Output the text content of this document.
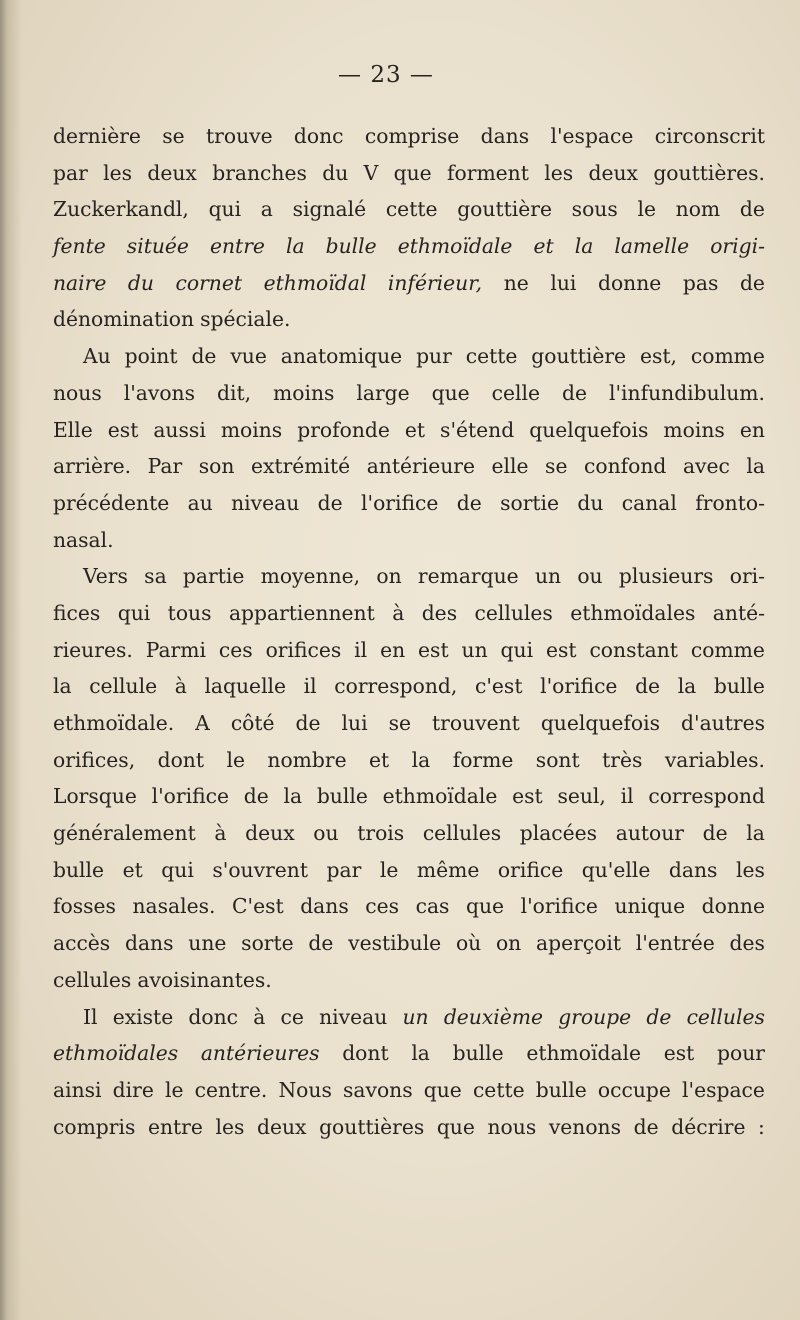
— 23 —
dernière se trouve donc comprise dans l'espace circonscrit
par les deux branches du V que forment les deux gouttières.
Zuckerkandl, qui a signalé cette gouttière sous le nom de
fente située entre la bulle ethmoïdale et la lamelle origi-
naire du cornet ethmoïdal inférieur, ne lui donne pas de
dénomination spéciale.
Au point de vue anatomique pur cette gouttière est, comme
nous l'avons dit, moins large que celle de l'infundibulum.
Elle est aussi moins profonde et s'étend quelquefois moins en
arrière. Par son extrémité antérieure elle se confond avec la
précédente au niveau de l'orifice de sortie du canal fronto-
nasal.
Vers sa partie moyenne, on remarque un ou plusieurs ori-
fices qui tous appartiennent à des cellules ethmoïdales anté-
rieures. Parmi ces orifices il en est un qui est constant comme
la cellule à laquelle il correspond, c'est l'orifice de la bulle
ethmoïdale. A côté de lui se trouvent quelquefois d'autres
orifices, dont le nombre et la forme sont très variables.
Lorsque l'orifice de la bulle ethmoïdale est seul, il correspond
généralement à deux ou trois cellules placées autour de la
bulle et qui s'ouvrent par le même orifice qu'elle dans les
fosses nasales. C'est dans ces cas que l'orifice unique donne
accès dans une sorte de vestibule où on aperçoit l'entrée des
cellules avoisinantes.
Il existe donc à ce niveau un deuxième groupe de cellules
ethmoïdales antérieures dont la bulle ethmoïdale est pour
ainsi dire le centre. Nous savons que cette bulle occupe l'espace
compris entre les deux gouttières que nous venons de décrire :
